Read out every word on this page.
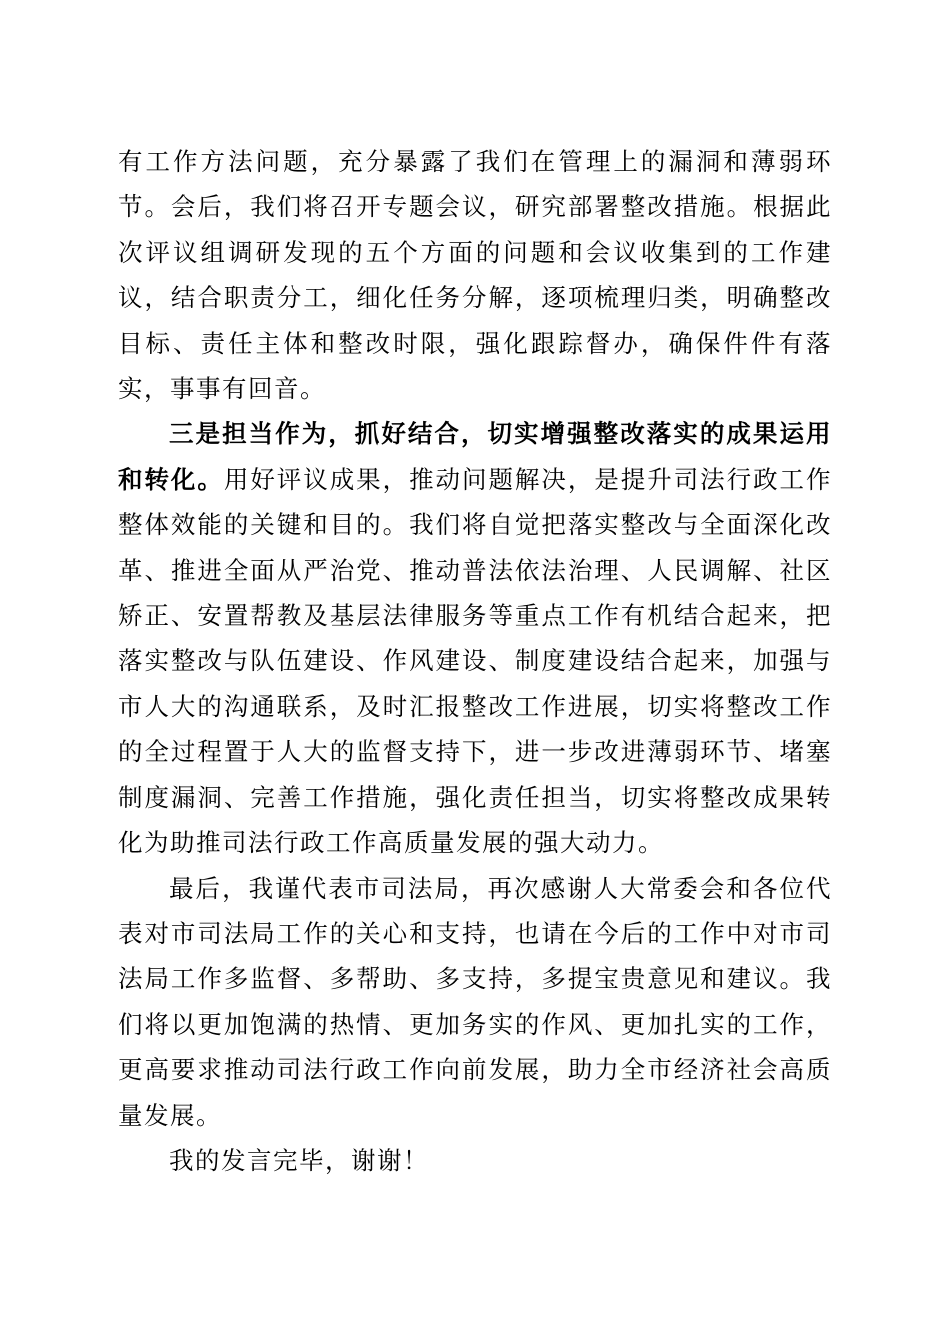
有工作方法问题，充分暴露了我们在管理上的漏洞和薄弱环节。会后，我们将召开专题会议，研究部署整改措施。根据此次评议组调研发现的五个方面的问题和会议收集到的工作建议，结合职责分工，细化任务分解，逐项梳理归类，明确整改目标、责任主体和整改时限，强化跟踪督办，确保件件有落实，事事有回音。

三是担当作为，抓好结合，切实增强整改落实的成果运用和转化。用好评议成果，推动问题解决，是提升司法行政工作整体效能的关键和目的。我们将自觉把落实整改与全面深化改革、推进全面从严治党、推动普法依法治理、人民调解、社区矫正、安置帮教及基层法律服务等重点工作有机结合起来，把落实整改与队伍建设、作风建设、制度建设结合起来，加强与市人大的沟通联系，及时汇报整改工作进展，切实将整改工作的全过程置于人大的监督支持下，进一步改进薄弱环节、堵塞制度漏洞、完善工作措施，强化责任担当，切实将整改成果转化为助推司法行政工作高质量发展的强大动力。

最后，我谨代表市司法局，再次感谢人大常委会和各位代表对市司法局工作的关心和支持，也请在今后的工作中对市司法局工作多监督、多帮助、多支持，多提宝贵意见和建议。我们将以更加饱满的热情、更加务实的作风、更加扎实的工作，更高要求推动司法行政工作向前发展，助力全市经济社会高质量发展。

我的发言完毕，谢谢！
